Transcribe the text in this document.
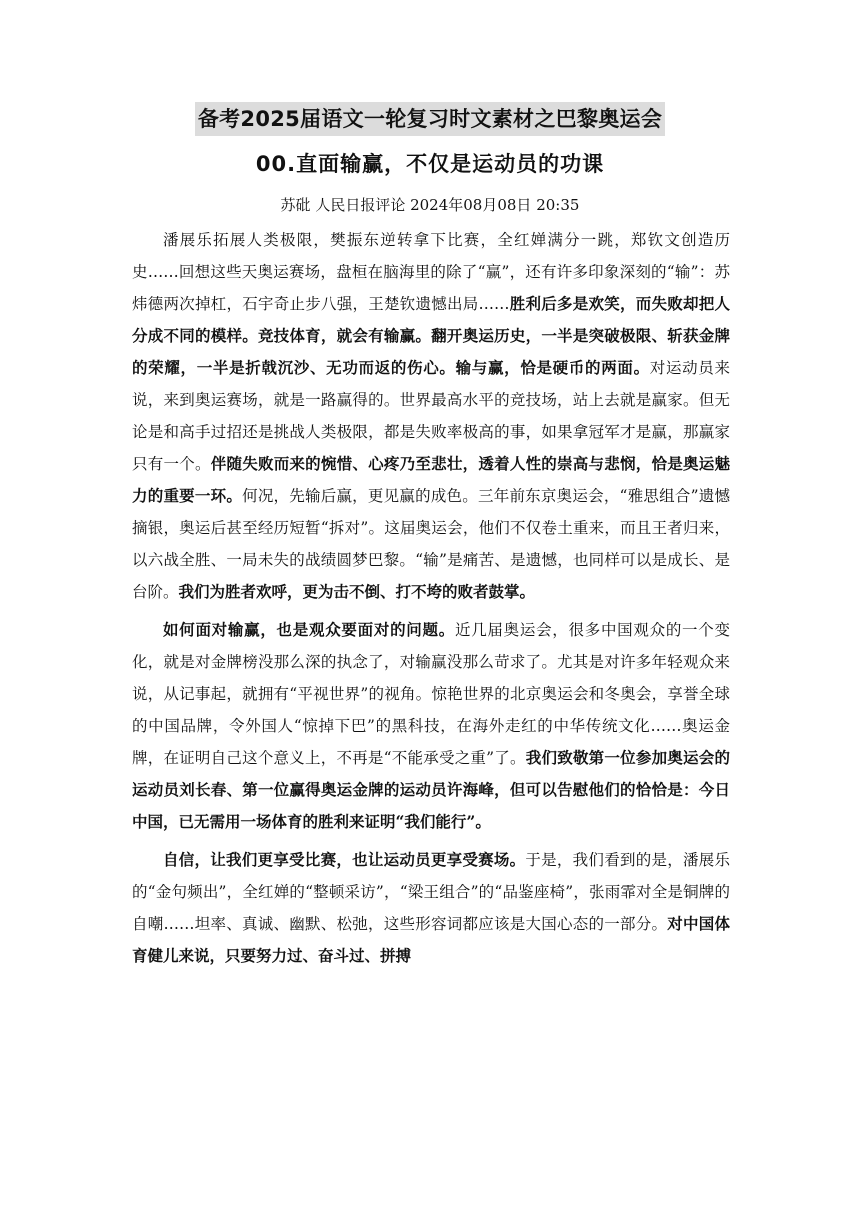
备考2025届语文一轮复习时文素材之巴黎奥运会
00.直面输赢，不仅是运动员的功课
苏砒 人民日报评论 2024年08月08日 20:35

潘展乐拓展人类极限，樊振东逆转拿下比赛，全红婵满分一跳，郑钦文创造历史……回想这些天奥运赛场，盘桓在脑海里的除了“赢”，还有许多印象深刻的“输”：苏炜德两次掉杠，石宇奇止步八强，王楚钦遗憾出局……胜利后多是欢笑，而失败却把人分成不同的模样。竞技体育，就会有输赢。翻开奥运历史，一半是突破极限、斩获金牌的荣耀，一半是折戟沉沙、无功而返的伤心。输与赢，恰是硬币的两面。对运动员来说，来到奥运赛场，就是一路赢得的。世界最高水平的竞技场，站上去就是赢家。但无论是和高手过招还是挑战人类极限，都是失败率极高的事，如果拿冠军才是赢，那赢家只有一个。伴随失败而来的惋惜、心疼乃至悲壮，透着人性的崇高与悲悯，恰是奥运魅力的重要一环。何况，先输后赢，更见赢的成色。三年前东京奥运会，“雅思组合”遗憾摘银，奥运后甚至经历短暂“拆对”。这届奥运会，他们不仅卷土重来，而且王者归来，以六战全胜、一局未失的战绩圆梦巴黎。“输”是痛苦、是遗憾，也同样可以是成长、是台阶。我们为胜者欢呼，更为击不倒、打不垮的败者鼓掌。

如何面对输赢，也是观众要面对的问题。近几届奥运会，很多中国观众的一个变化，就是对金牌榜没那么深的执念了，对输赢没那么苛求了。尤其是对许多年轻观众来说，从记事起，就拥有“平视世界”的视角。惊艳世界的北京奥运会和冬奥会，享誉全球的中国品牌，令外国人“惊掉下巴”的黑科技，在海外走红的中华传统文化……奥运金牌，在证明自己这个意义上，不再是“不能承受之重”了。我们致敬第一位参加奥运会的运动员刘长春、第一位赢得奥运金牌的运动员许海峰，但可以告慰他们的恰恰是：今日中国，已无需用一场体育的胜利来证明“我们能行”。

自信，让我们更享受比赛，也让运动员更享受赛场。于是，我们看到的是，潘展乐的“金句频出”，全红婵的“整顿采访”，“梁王组合”的“品鉴座椅”，张雨霏对全是铜牌的自嘲……坦率、真诚、幽默、松弛，这些形容词都应该是大国心态的一部分。对中国体育健儿来说，只要努力过、奋斗过、拼搏
